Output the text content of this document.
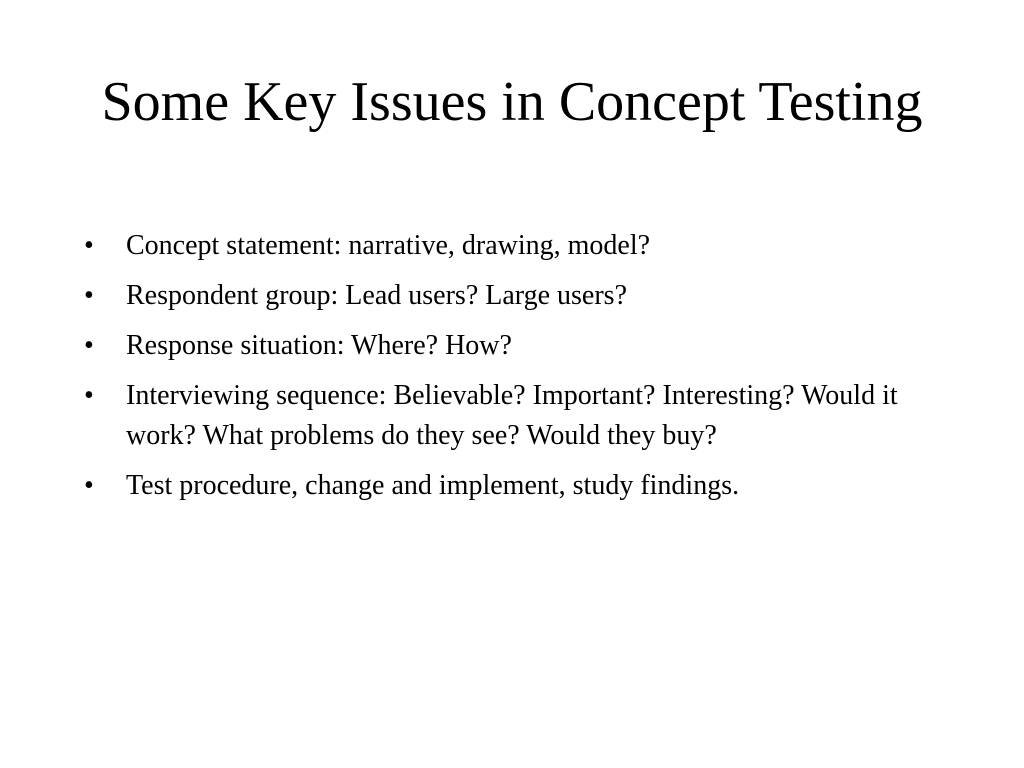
Some Key Issues in Concept Testing
•	Concept statement: narrative, drawing, model?
•	Respondent group: Lead users? Large users?
•	Response situation: Where? How?
•	Interviewing sequence: Believable? Important? Interesting? Would it work? What problems do they see? Would they buy?
•	Test procedure, change and implement, study findings.
